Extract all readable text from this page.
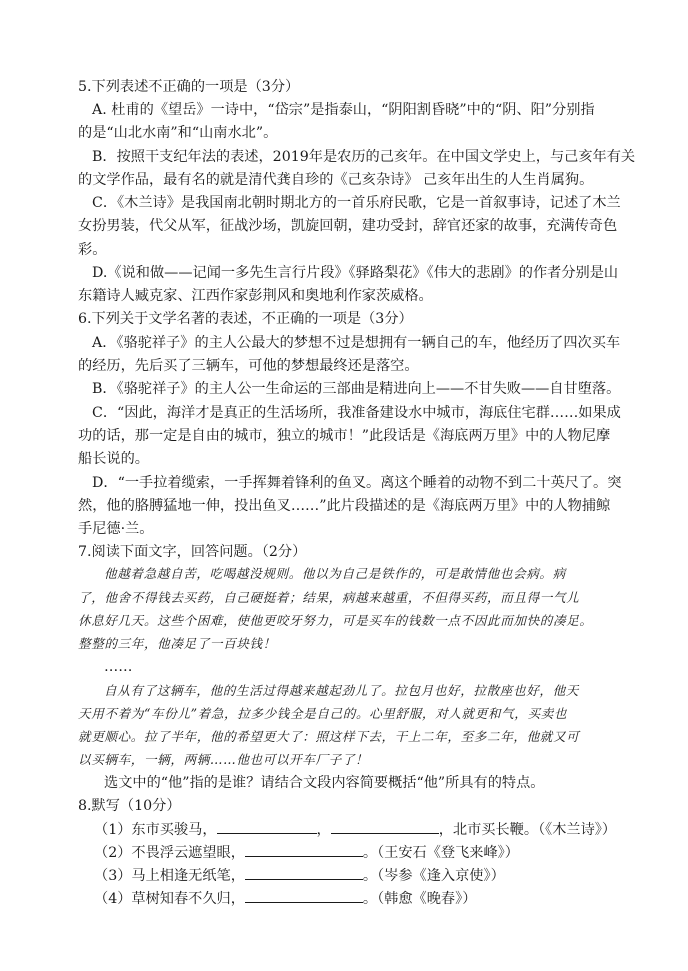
5.下列表述不正确的一项是（3分）
A. 杜甫的《望岳》一诗中，“岱宗”是指泰山，“阴阳割昏晓”中的“阴、阳”分别指
的是“山北水南”和“山南水北”。
B．按照干支纪年法的表述，2019年是农历的己亥年。在中国文学史上，与己亥年有关
的文学作品，最有名的就是清代龚自珍的《己亥杂诗》 己亥年出生的人生肖属狗。
C．《木兰诗》是我国南北朝时期北方的一首乐府民歌，它是一首叙事诗，记述了木兰
女扮男装，代父从军，征战沙场，凯旋回朝，建功受封，辞官还家的故事，充满传奇色
彩。
D.《说和做——记闻一多先生言行片段》《驿路梨花》《伟大的悲剧》的作者分别是山
东籍诗人臧克家、江西作家彭荆风和奥地利作家茨威格。
6.下列关于文学名著的表述，不正确的一项是（3分）
A．《骆驼祥子》的主人公最大的梦想不过是想拥有一辆自己的车，他经历了四次买车
的经历，先后买了三辆车，可他的梦想最终还是落空。
B．《骆驼祥子》的主人公一生命运的三部曲是精进向上——不甘失败——自甘堕落。
C．“因此，海洋才是真正的生活场所，我准备建设水中城市，海底住宅群……如果成
功的话，那一定是自由的城市，独立的城市！”此段话是《海底两万里》中的人物尼摩
船长说的。
D．“一手拉着缆索，一手挥舞着锋利的鱼叉。离这个睡着的动物不到二十英尺了。突
然，他的胳膊猛地一伸，投出鱼叉……”此片段描述的是《海底两万里》中的人物捕鲸
手尼德·兰。
7.阅读下面文字，回答问题。（2分）
他越着急越自苦，吃喝越没规则。他以为自己是铁作的，可是敢情他也会病。病
了，他舍不得钱去买药，自己硬挺着；结果，病越来越重，不但得买药，而且得一气儿
休息好几天。这些个困难，使他更咬牙努力，可是买车的钱数一点不因此而加快的凑足。
整整的三年，他凑足了一百块钱！
……
自从有了这辆车，他的生活过得越来越起劲儿了。拉包月也好，拉散座也好，他天
天用不着为“车份儿”着急，拉多少钱全是自己的。心里舒服，对人就更和气，买卖也
就更顺心。拉了半年，他的希望更大了：照这样下去，干上二年，至多二年，他就又可
以买辆车，一辆，两辆……他也可以开车厂子了！
选文中的“他”指的是谁？请结合文段内容简要概括“他”所具有的特点。
8.默写（10分）
（1）东市买骏马，	，	，北市买长鞭。（《木兰诗》）
（2）不畏浮云遮望眼，	。（王安石《登飞来峰》）
（3）马上相逢无纸笔，	。（岑参《逢入京使》）
（4）草树知春不久归，	。（韩愈《晚春》）
